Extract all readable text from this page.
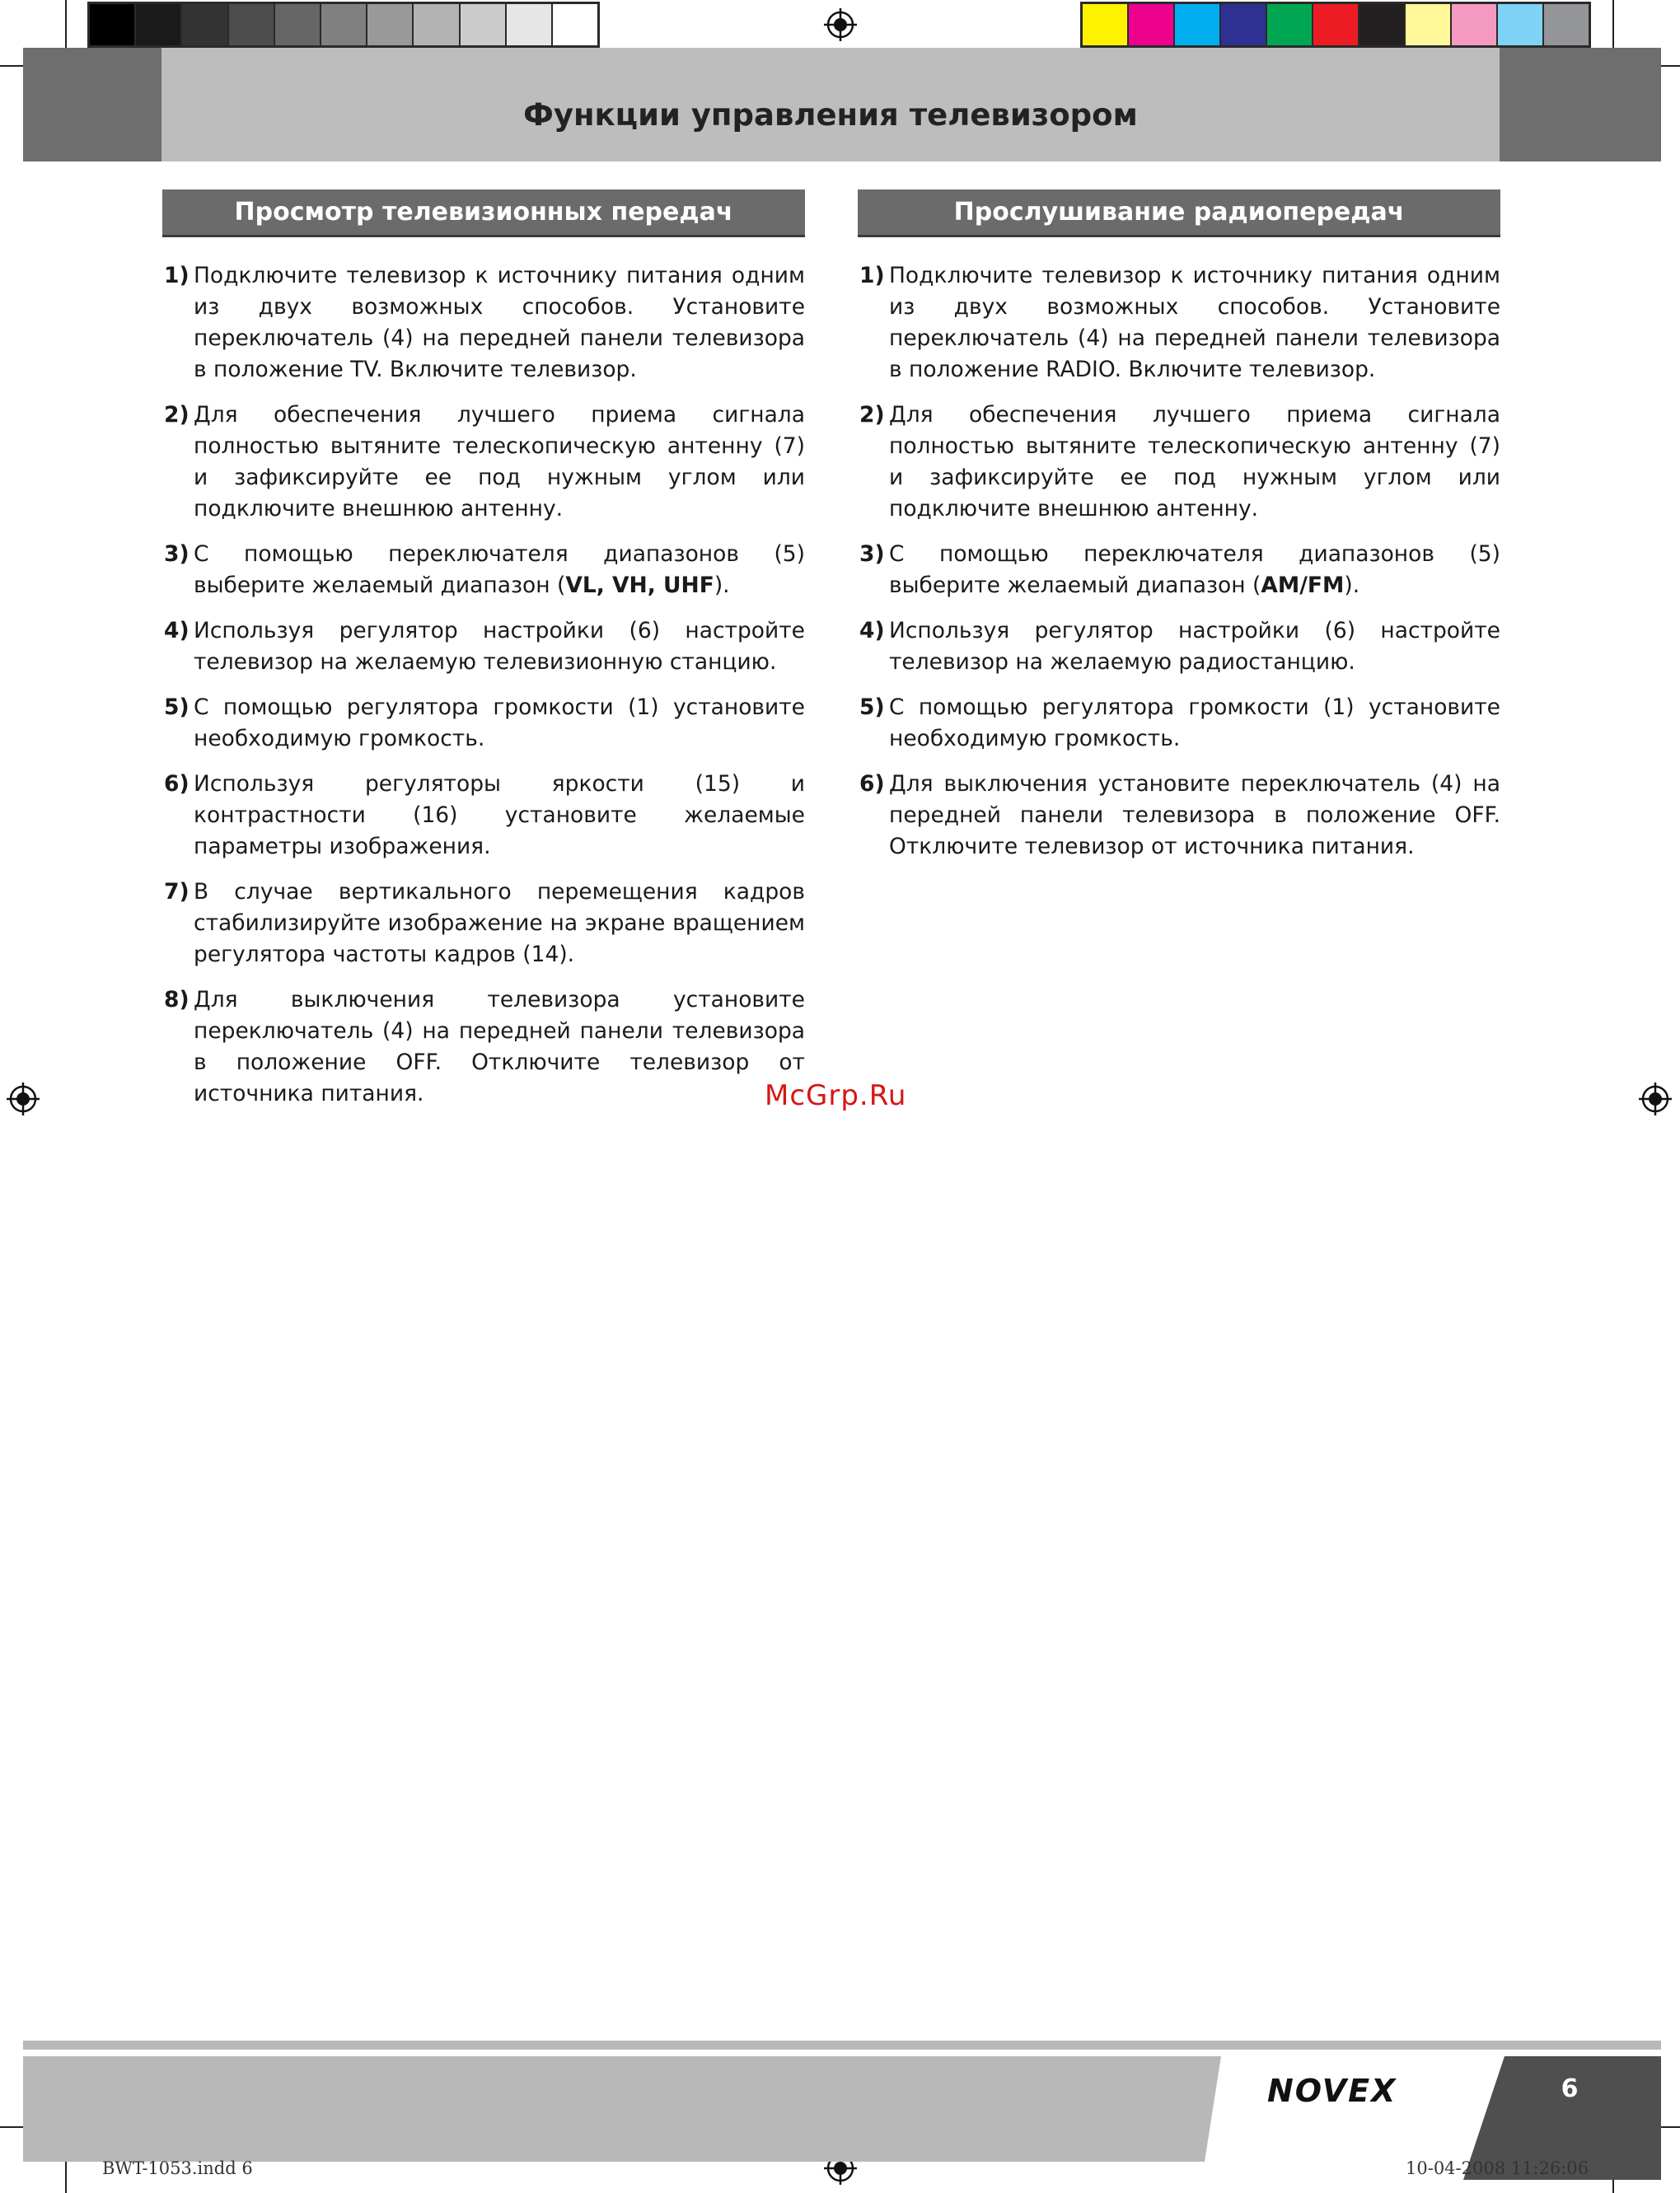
Функции управления телевизором
Просмотр телевизионных передач
1) Подключите телевизор к источнику питания одним из двух возможных способов. Установите переключатель (4) на передней панели телевизора в положение TV. Включите телевизор.
2) Для обеспечения лучшего приема сигнала полностью вытяните телескопическую антенну (7) и зафиксируйте ее под нужным углом или подключите внешнюю антенну.
3) С помощью переключателя диапазонов (5) выберите желаемый диапазон (VL, VH, UHF).
4) Используя регулятор настройки (6) настройте телевизор на желаемую телевизионную станцию.
5) С помощью регулятора громкости (1) установите необходимую громкость.
6) Используя регуляторы яркости (15) и контрастности (16) установите желаемые параметры изображения.
7) В случае вертикального перемещения кадров стабилизируйте изображение на экране вращением регулятора частоты кадров (14).
8) Для выключения телевизора установите переключатель (4) на передней панели телевизора в положение OFF. Отключите телевизор от источника питания.
Прослушивание радиопередач
1) Подключите телевизор к источнику питания одним из двух возможных способов. Установите переключатель (4) на передней панели телевизора в положение RADIO. Включите телевизор.
2) Для обеспечения лучшего приема сигнала полностью вытяните телескопическую антенну (7) и зафиксируйте ее под нужным углом или подключите внешнюю антенну.
3) С помощью переключателя диапазонов (5) выберите желаемый диапазон (AM/FM).
4) Используя регулятор настройки (6) настройте телевизор на желаемую радиостанцию.
5) С помощью регулятора громкости (1) установите необходимую громкость.
6) Для выключения установите переключатель (4) на передней панели телевизора в положение OFF. Отключите телевизор от источника питания.
McGrp.Ru
NOVEX	6
BWT-1053.indd 6	10-04-2008 11:26:06
